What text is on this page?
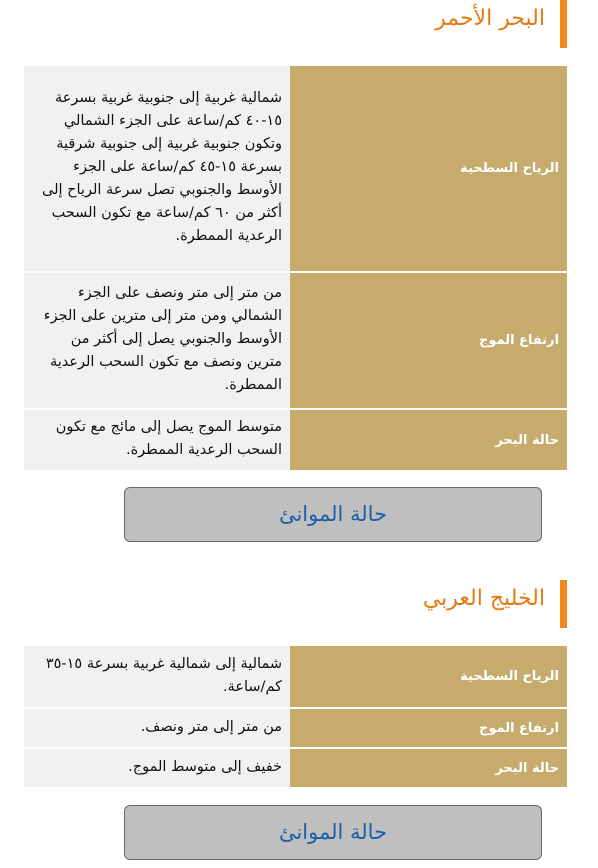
البحر الأحمر
الرياح السطحية	شمالية غربية إلى جنوبية غربية بسرعة ١٥-٤٠ كم/ساعة على الجزء الشمالي وتكون جنوبية غربية إلى جنوبية شرقية بسرعة ١٥-٤٥ كم/ساعة على الجزء الأوسط والجنوبي تصل سرعة الرياح إلى أكثر من ٦٠ كم/ساعة مع تكون السحب الرعدية الممطرة.
ارتفاع الموج	من متر إلى متر ونصف على الجزء الشمالي ومن متر إلى مترين على الجزء الأوسط والجنوبي يصل إلى أكثر من مترين ونصف مع تكون السحب الرعدية الممطرة.
حالة البحر	متوسط الموج يصل إلى مائج مع تكون السحب الرعدية الممطرة.
حالة الموانئ
الخليج العربي
الرياح السطحية	شمالية إلى شمالية غربية بسرعة ١٥-٣٥ كم/ساعة.
ارتفاع الموج	من متر إلى متر ونصف.
حالة البحر	خفيف إلى متوسط الموج.
حالة الموانئ
